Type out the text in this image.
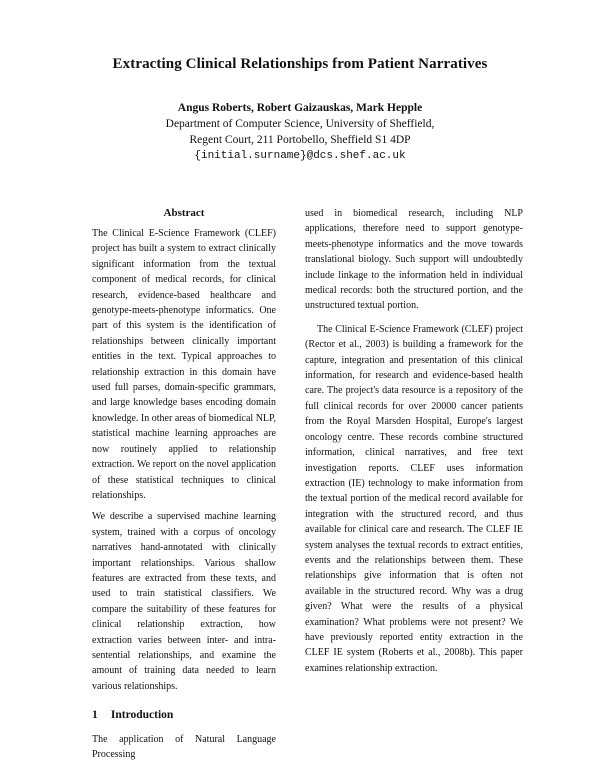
Extracting Clinical Relationships from Patient Narratives
Angus Roberts, Robert Gaizauskas, Mark Hepple
Department of Computer Science, University of Sheffield,
Regent Court, 211 Portobello, Sheffield S1 4DP
{initial.surname}@dcs.shef.ac.uk
Abstract

The Clinical E-Science Framework (CLEF) project has built a system to extract clinically significant information from the textual component of medical records, for clinical research, evidence-based healthcare and genotype-meets-phenotype informatics. One part of this system is the identification of relationships between clinically important entities in the text. Typical approaches to relationship extraction in this domain have used full parses, domain-specific grammars, and large knowledge bases encoding domain knowledge. In other areas of biomedical NLP, statistical machine learning approaches are now routinely applied to relationship extraction. We report on the novel application of these statistical techniques to clinical relationships.

We describe a supervised machine learning system, trained with a corpus of oncology narratives hand-annotated with clinically important relationships. Various shallow features are extracted from these texts, and used to train statistical classifiers. We compare the suitability of these features for clinical relationship extraction, how extraction varies between inter- and intra-sentential relationships, and examine the amount of training data needed to learn various relationships.

1 Introduction
The application of Natural Language Processing

used in biomedical research, including NLP applications, therefore need to support genotype-meets-phenotype informatics and the move towards translational biology. Such support will undoubtedly include linkage to the information held in individual medical records: both the structured portion, and the unstructured textual portion.

The Clinical E-Science Framework (CLEF) project (Rector et al., 2003) is building a framework for the capture, integration and presentation of this clinical information, for research and evidence-based health care. The project's data resource is a repository of the full clinical records for over 20000 cancer patients from the Royal Marsden Hospital, Europe's largest oncology centre. These records combine structured information, clinical narratives, and free text investigation reports. CLEF uses information extraction (IE) technology to make information from the textual portion of the medical record available for integration with the structured record, and thus available for clinical care and research. The CLEF IE system analyses the textual records to extract entities, events and the relationships between them. These relationships give information that is often not available in the structured record. Why was a drug given? What were the results of a physical examination? What problems were not present? We have previously reported entity extraction in the CLEF IE system (Roberts et al., 2008b). This paper examines relationship extraction.
